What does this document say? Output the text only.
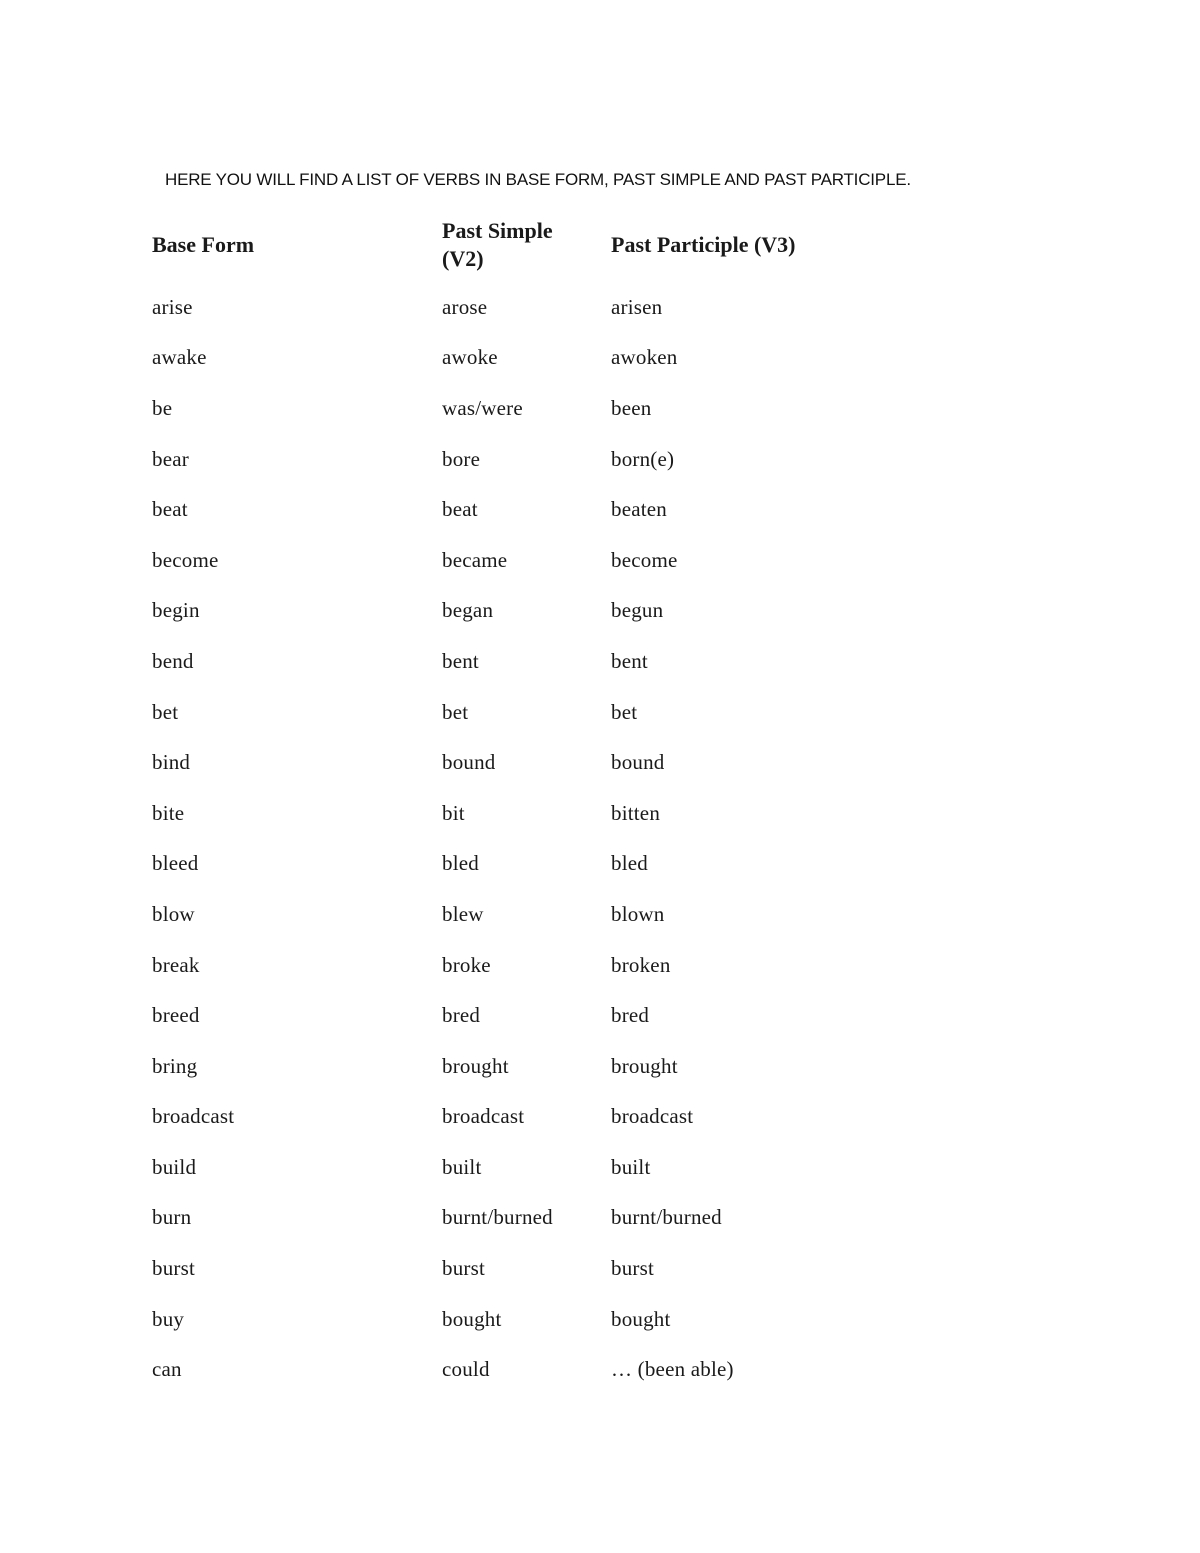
HERE YOU WILL FIND A LIST OF VERBS IN BASE FORM, PAST SIMPLE AND PAST PARTICIPLE.
Base Form	Past Simple (V2)	Past Participle (V3)
arise	arose	arisen
awake	awoke	awoken
be	was/were	been
bear	bore	born(e)
beat	beat	beaten
become	became	become
begin	began	begun
bend	bent	bent
bet	bet	bet
bind	bound	bound
bite	bit	bitten
bleed	bled	bled
blow	blew	blown
break	broke	broken
breed	bred	bred
bring	brought	brought
broadcast	broadcast	broadcast
build	built	built
burn	burnt/burned	burnt/burned
burst	burst	burst
buy	bought	bought
can	could	… (been able)
